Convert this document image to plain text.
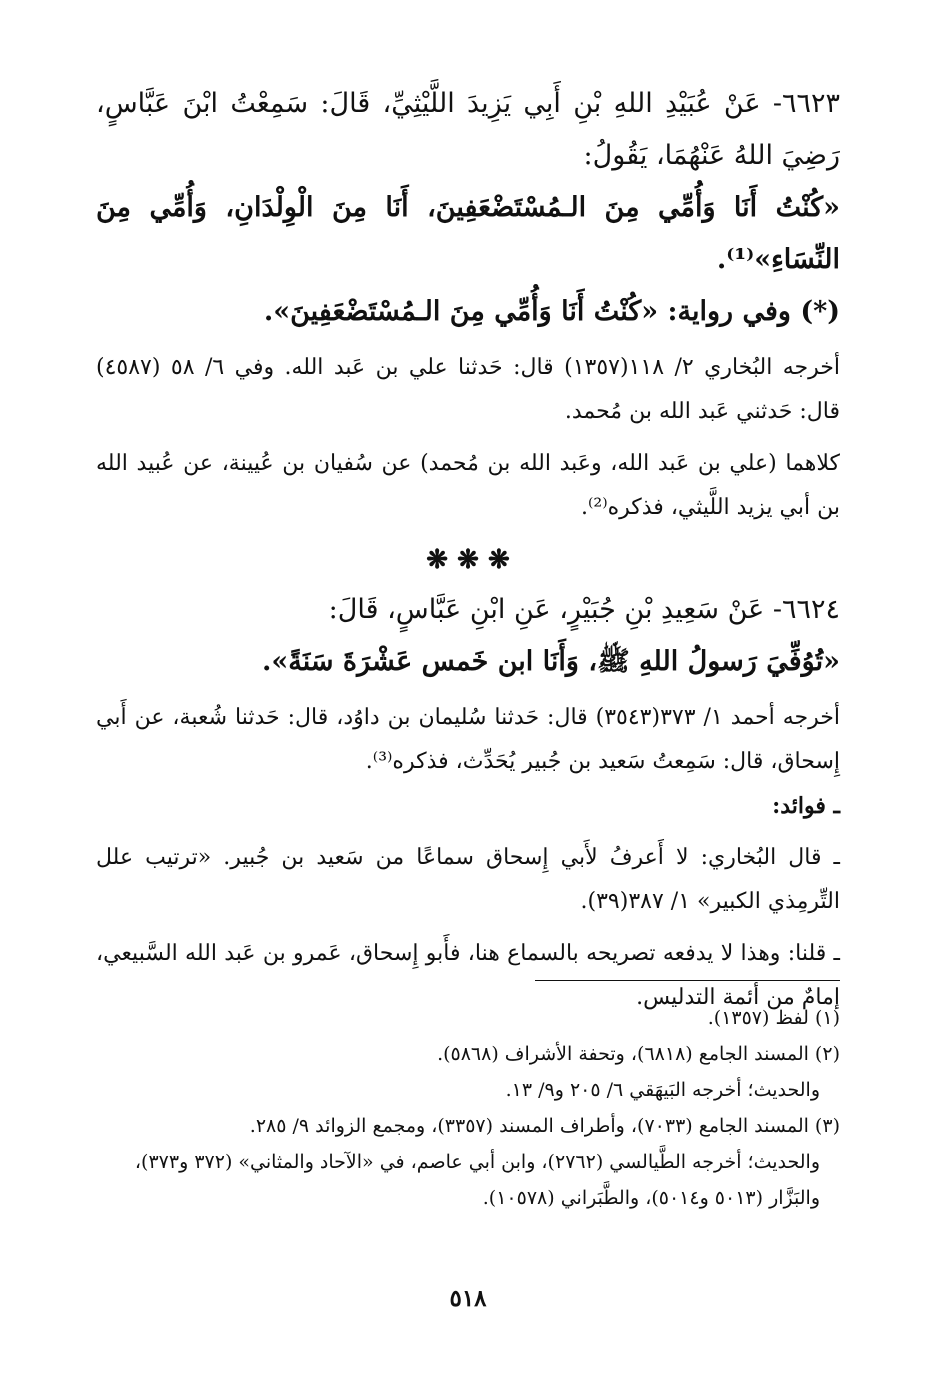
٦٦٢٣- عَنْ عُبَيْدِ اللهِ بْنِ أَبِي يَزِيدَ اللَّيْثِيِّ، قَالَ: سَمِعْتُ ابْنَ عَبَّاسٍ، رَضِيَ اللهُ عَنْهُمَا، يَقُولُ:

«كُنْتُ أَنَا وَأُمِّي مِنَ الـمُسْتَضْعَفِينَ، أَنَا مِنَ الْوِلْدَانِ، وَأُمِّي مِنَ النِّسَاءِ»⁽¹⁾.

(*) وفي رواية: «كُنْتُ أَنَا وَأُمِّي مِنَ الـمُسْتَضْعَفِينَ».

أخرجه البُخاري ٢/ ١١٨(١٣٥٧) قال: حَدثنا علي بن عَبد الله. وفي ٦/ ٥٨ (٤٥٨٧) قال: حَدثني عَبد الله بن مُحمد.

كلاهما (علي بن عَبد الله، وعَبد الله بن مُحمد) عن سُفيان بن عُيينة، عن عُبيد الله بن أبي يزيد اللَّيثي، فذكره⁽²⁾.

❋ ❋ ❋

٦٦٢٤- عَنْ سَعِيدِ بْنِ جُبَيْرٍ، عَنِ ابْنِ عَبَّاسٍ، قَالَ:

«تُوُفِّيَ رَسولُ اللهِ ﷺ، وَأَنَا ابن خَمس عَشْرَةَ سَنَةً».

أخرجه أحمد ١/ ٣٧٣(٣٥٤٣) قال: حَدثنا سُليمان بن داوُد، قال: حَدثنا شُعبة، عن أَبي إِسحاق، قال: سَمِعتُ سَعيد بن جُبير يُحَدِّث، فذكره⁽³⁾.

ـ فوائد:

ـ قال البُخاري: لا أَعرفُ لأَبي إِسحاق سماعًا من سَعيد بن جُبير. «ترتيب علل التِّرمِذي الكبير» ١/ ٣٨٧(٣٩).

ـ قلنا: وهذا لا يدفعه تصريحه بالسماع هنا، فأَبو إِسحاق، عَمرو بن عَبد الله السَّبيعي، إمامٌ من أئمة التدليس.

(١) لفظ (١٣٥٧).

(٢) المسند الجامع (٦٨١٨)، وتحفة الأشراف (٥٨٦٨).

والحديث؛ أخرجه البَيهَقي ٦/ ٢٠٥ و٩/ ١٣.

(٣) المسند الجامع (٧٠٣٣)، وأطراف المسند (٣٣٥٧)، ومجمع الزوائد ٩/ ٢٨٥.

والحديث؛ أخرجه الطَّيالسي (٢٧٦٢)، وابن أبي عاصم، في «الآحاد والمثاني» (٣٧٢ و٣٧٣)، والبَزَّار (٥٠١٣ و٥٠١٤)، والطَّبَراني (١٠٥٧٨).

٥١٨
